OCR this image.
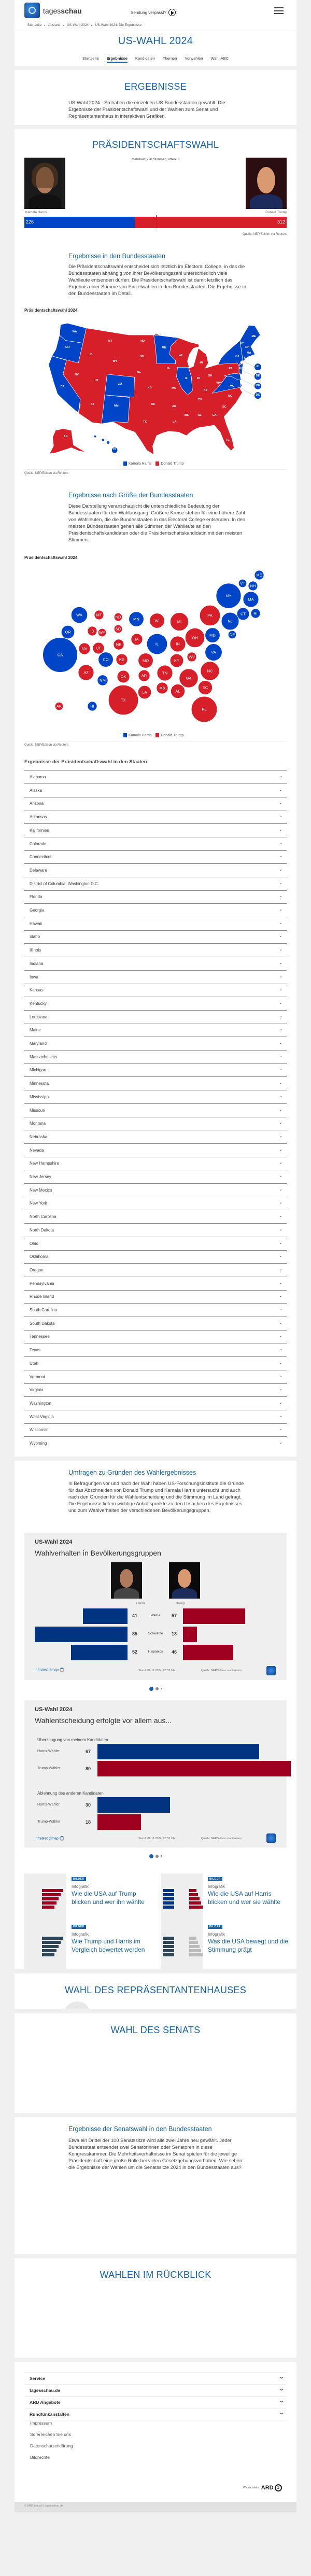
tagesschau	Sendung verpasst?
Startseite ▸ Ausland ▸ US-Wahl 2024 ▸ US-Wahl 2024: Die Ergebnisse
US-WAHL 2024
Startseite Ergebnisse Kandidaten Themen Vorwahlen Wahl-ABC
ERGEBNISSE
US-Wahl 2024 - So haben die einzelnen US-Bundesstaaten gewählt: Die Ergebnisse der Präsidentschaftswahl und der Wahlen zum Senat und Repräsentantenhaus in interaktiven Grafiken.
PRÄSIDENTSCHAFTSWAHL
Mehrheit: 270 Stimmen, offen: 0
Kamala Harris	Donald Trump
226	312
Quelle: NEP/Edison via Reuters
Ergebnisse in den Bundesstaaten
Die Präsidentschaftswahl entscheidet sich letztlich im Electoral College, in das die Bundesstaaten abhängig von ihrer Bevölkerungszahl unterschiedlich viele Wahlleute entsenden dürfen. Die Präsidentschaftswahl ist damit letztlich das Ergebnis einer Summe von Einzelwahlen in den Bundesstaaten. Die Ergebnisse in den Bundesstaaten im Detail.
Präsidentschaftswahl 2024
Kamala Harris	Donald Trump
Quelle: NEP/Edison via Reuters
Ergebnisse nach Größe der Bundesstaaten
Diese Darstellung veranschaulicht die unterschiedliche Bedeutung der Bundesstaaten für den Wahlausgang. Größere Kreise stehen für eine höhere Zahl von Wahlleuten, die die Bundesstaaten in das Electoral College entsenden. In den meisten Bundesstaaten gehen alle Stimmen der Wahlleute an den Präsidentschaftskandidaten oder die Präsidentschaftskandidatin mit den meisten Stimmen.
Präsidentschaftswahl 2024
Kamala Harris	Donald Trump
Quelle: NEP/Edison via Reuters
Ergebnisse der Präsidentschaftswahl in den Staaten
Alabama	⌄
Alaska	⌄
Arizona	⌄
Arkansas	⌄
Kalifornien	⌄
Colorado	⌄
Connecticut	⌄
Delaware	⌄
District of Columbia, Washington D.C.	⌄
Florida	⌄
Georgia	⌄
Hawaii	⌄
Idaho	⌄
Illinois	⌄
Indiana	⌄
Iowa	⌄
Kansas	⌄
Kentucky	⌄
Louisiana	⌄
Maine	⌄
Maryland	⌄
Massachusetts	⌄
Michigan	⌄
Minnesota	⌄
Mississippi	⌄
Missouri	⌄
Montana	⌄
Nebraska	⌄
Nevada	⌄
New Hampshire	⌄
New Jersey	⌄
New Mexico	⌄
New York	⌄
North Carolina	⌄
North Dakota	⌄
Ohio	⌄
Oklahoma	⌄
Oregon	⌄
Pennsylvania	⌄
Rhode Island	⌄
South Carolina	⌄
South Dakota	⌄
Tennessee	⌄
Texas	⌄
Utah	⌄
Vermont	⌄
Virginia	⌄
Washington	⌄
West Virginia	⌄
Wisconsin	⌄
Wyoming	⌄
WA
OR
CA
ID
NV
MT
WY
UT
CO
AZ	NM
ND
SD
NE
KS
OK
TX
MN
IA
MO
AR
LA
WI
IL
MI
IN
OH
KY
TN
MS	AL	GA
FL
SC
NC
VA
WV
PA
NY
VT
NH
ME
MA
CT
NJ
AK
HI
RI
DE
MD
DC
AL
AK
AZ
AR
CA
CO
CT
DE
FL
GA
HI
ID
IL	IN
IA
KS	KY
LA
ME
MD
MA
MI
MN
MS
MO
MT
NE
NV
NH
NJ
NM
NY
NC
ND
OH
OK
OR
PA	RI
SC
SD
TN
TX
UT
VT
VA
WA
WV
WI
WY
Umfragen zu Gründen des Wahlergebnisses
In Befragungen vor und nach der Wahl haben US-Forschungsinstitute die Gründe für das Abschneiden von Donald Trump und Kamala Harris untersucht und auch nach den Gründen für die Wahlentscheidung und die Stimmung im Land gefragt. Die Ergebnisse liefern wichtige Anhaltspunkte zu den Ursachen des Ergebnisses und zum Wahlverhalten der verschiedenen Bevölkerungsgruppen.
US-Wahl 2024
Wahlverhalten in Bevölkerungsgruppen
Harris	Trump
41	Weiße	57
85	Schwarze	13
52	Hispanics	46
infratest dimap	Stand: 06.11.2024, 20:52 Uhr	Quelle: NEP/Edison via Reuters
US-Wahl 2024
Wahlentscheidung erfolgte vor allem aus...
Überzeugung von meinem Kandidaten
Harris-Wähler	67
Trump-Wähler	80
Ablehnung des anderen Kandidaten
Harris-Wähler	30
Trump-Wähler	18
infratest dimap	Stand: 06.11.2024, 20:52 Uhr	Quelle: NEP/Edison via Reuters
BILDER
Infografik
Wie die USA auf Trump blicken und wer ihn wählte
BILDER
Infografik
Wie die USA auf Harris blicken und wer sie wählte
BILDER
Infografik
Wie Trump und Harris im Vergleich bewertet werden
BILDER
Infografik
Was die USA bewegt und die Stimmung prägt
WAHL DES REPRÄSENTANTENHAUSES
WAHL DES SENATS
Ergebnisse der Senatswahl in den Bundesstaaten
Etwa ein Drittel der 100 Senatssitze wird alle zwei Jahre neu gewählt. Jeder Bundesstaat entsendet zwei Senatorinnen oder Senatoren in diese Kongresskammer. Die Mehrheitsverhältnisse im Senat spielen für die jeweilige Präsidentschaft eine große Rolle bei vielen Gesetzgebungsvorhaben. Wie sehen die Ergebnisse der Wahlen um die Senatssitze 2024 in den Bundesstaaten aus?
WAHLEN IM RÜCKBLICK
Service	⌄
tagesschau.de	⌄
ARD Angebote	⌄
Rundfunkanstalten	⌄
Impressum
So erreichen Sie uns
Datenschutzerklärung
Bildrechte
Wir sind deins. ARD 1
© ARD-aktuell / tagesschau.de
